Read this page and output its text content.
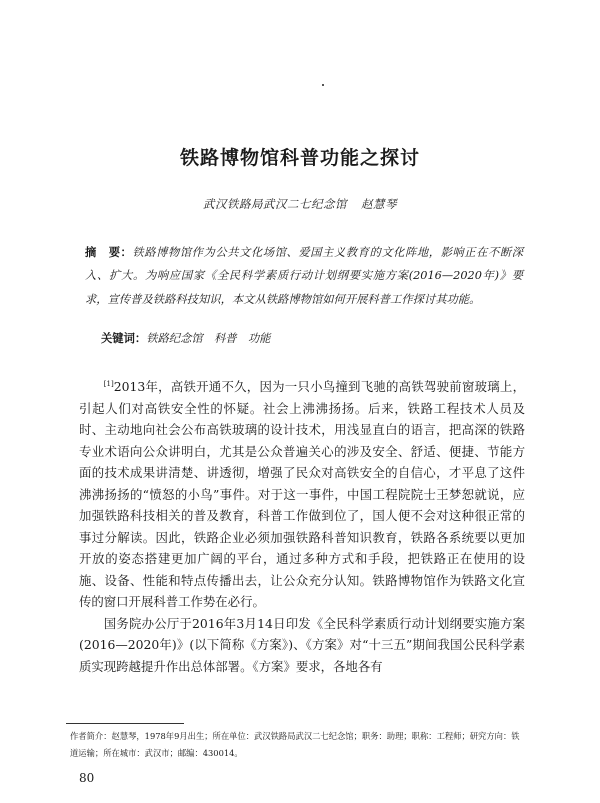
铁路博物馆科普功能之探讨
武汉铁路局武汉二七纪念馆 赵慧琴
摘　要：铁路博物馆作为公共文化场馆、爱国主义教育的文化阵地，影响正在不断深入、扩大。为响应国家《全民科学素质行动计划纲要实施方案(2016—2020年)》要求，宣传普及铁路科技知识，本文从铁路博物馆如何开展科普工作探讨其功能。
关键词：铁路纪念馆　科普　功能

[1]2013年，高铁开通不久，因为一只小鸟撞到飞驰的高铁驾驶前窗玻璃上，引起人们对高铁安全性的怀疑。社会上沸沸扬扬。后来，铁路工程技术人员及时、主动地向社会公布高铁玻璃的设计技术，用浅显直白的语言，把高深的铁路专业术语向公众讲明白，尤其是公众普遍关心的涉及安全、舒适、便捷、节能方面的技术成果讲清楚、讲透彻，增强了民众对高铁安全的自信心，才平息了这件沸沸扬扬的“愤怒的小鸟”事件。对于这一事件，中国工程院院士王梦恕就说，应加强铁路科技相关的普及教育，科普工作做到位了，国人便不会对这种很正常的事过分解读。因此，铁路企业必须加强铁路科普知识教育，铁路各系统要以更加开放的姿态搭建更加广阔的平台，通过多种方式和手段，把铁路正在使用的设施、设备、性能和特点传播出去，让公众充分认知。铁路博物馆作为铁路文化宣传的窗口开展科普工作势在必行。

国务院办公厅于2016年3月14日印发《全民科学素质行动计划纲要实施方案(2016—2020年)》(以下简称《方案》)、《方案》对“十三五”期间我国公民科学素质实现跨越提升作出总体部署。《方案》要求，各地各有

作者简介：赵慧琴，1978年9月出生；所在单位：武汉铁路局武汉二七纪念馆；职务：助理；职称：工程师；研究方向：铁道运输；所在城市：武汉市；邮编：430014。
80
